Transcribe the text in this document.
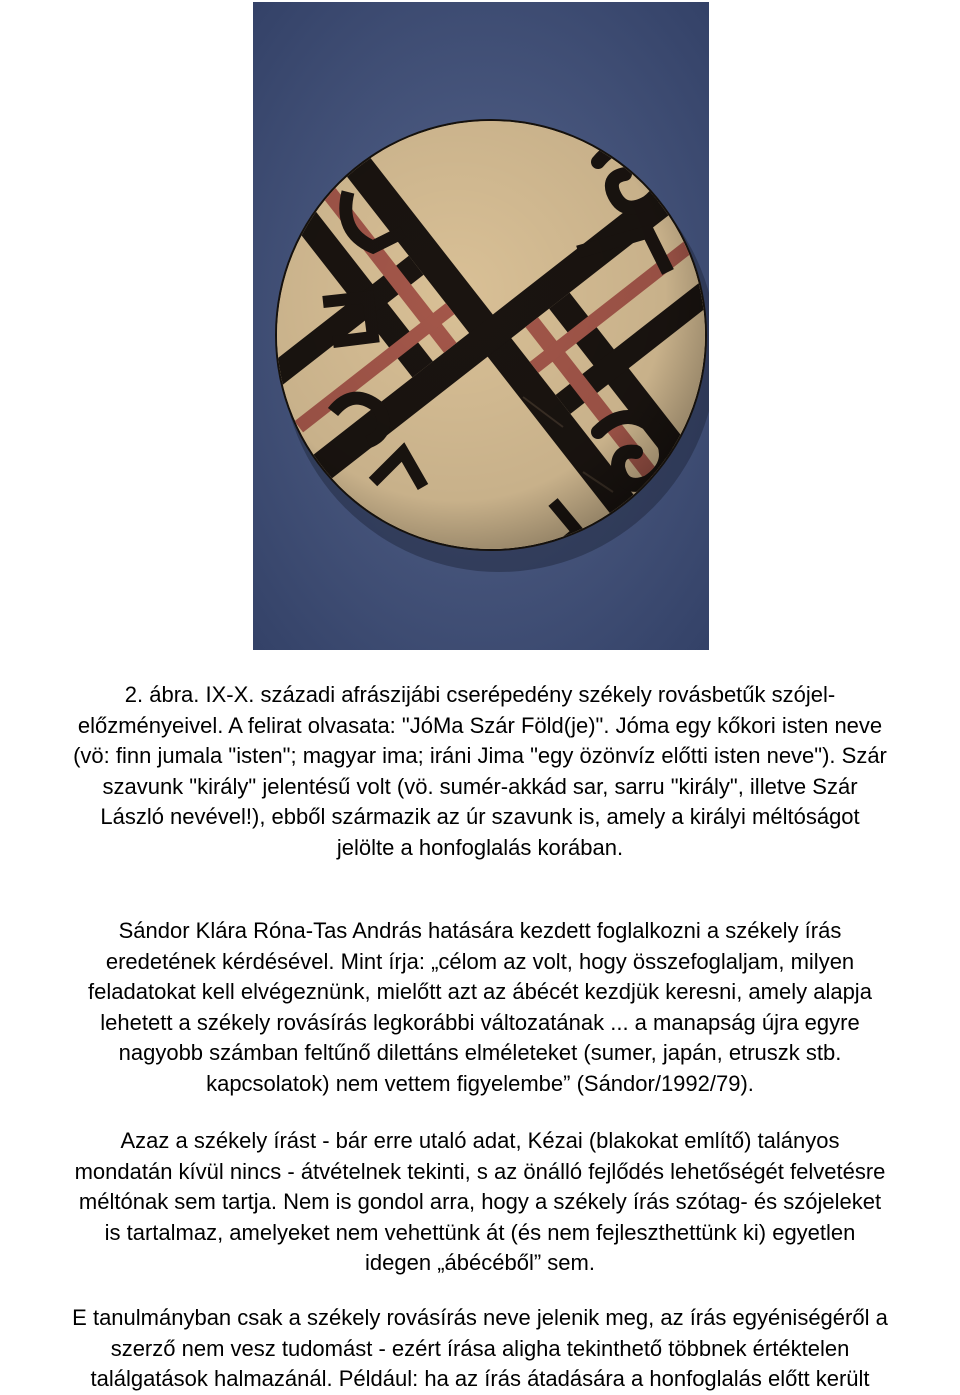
2. ábra. IX-X. századi afrászijábi cserépedény székely rovásbetűk szójel-
előzményeivel. A felirat olvasata: "JóMa Szár Föld(je)". Jóma egy kőkori isten neve
(vö: finn jumala "isten"; magyar ima; iráni Jima "egy özönvíz előtti isten neve"). Szár
szavunk "király" jelentésű volt (vö. sumér-akkád sar, sarru "király", illetve Szár
László nevével!), ebből származik az úr szavunk is, amely a királyi méltóságot
jelölte a honfoglalás korában.
Sándor Klára Róna-Tas András hatására kezdett foglalkozni a székely írás
eredetének kérdésével. Mint írja: „célom az volt, hogy összefoglaljam, milyen
feladatokat kell elvégeznünk, mielőtt azt az ábécét kezdjük keresni, amely alapja
lehetett a székely rovásírás legkorábbi változatának ... a manapság újra egyre
nagyobb számban feltűnő dilettáns elméleteket (sumer, japán, etruszk stb.
kapcsolatok) nem vettem figyelembe” (Sándor/1992/79).
Azaz a székely írást - bár erre utaló adat, Kézai (blakokat említő) talányos
mondatán kívül nincs - átvételnek tekinti, s az önálló fejlődés lehetőségét felvetésre
méltónak sem tartja. Nem is gondol arra, hogy a székely írás szótag- és szójeleket
is tartalmaz, amelyeket nem vehettünk át (és nem fejleszthettünk ki) egyetlen
idegen „ábécéből” sem.
E tanulmányban csak a székely rovásírás neve jelenik meg, az írás egyéniségéről a
szerző nem vesz tudomást - ezért írása aligha tekinthető többnek értéktelen
találgatások halmazánál. Például: ha az írás átadására a honfoglalás előtt került
